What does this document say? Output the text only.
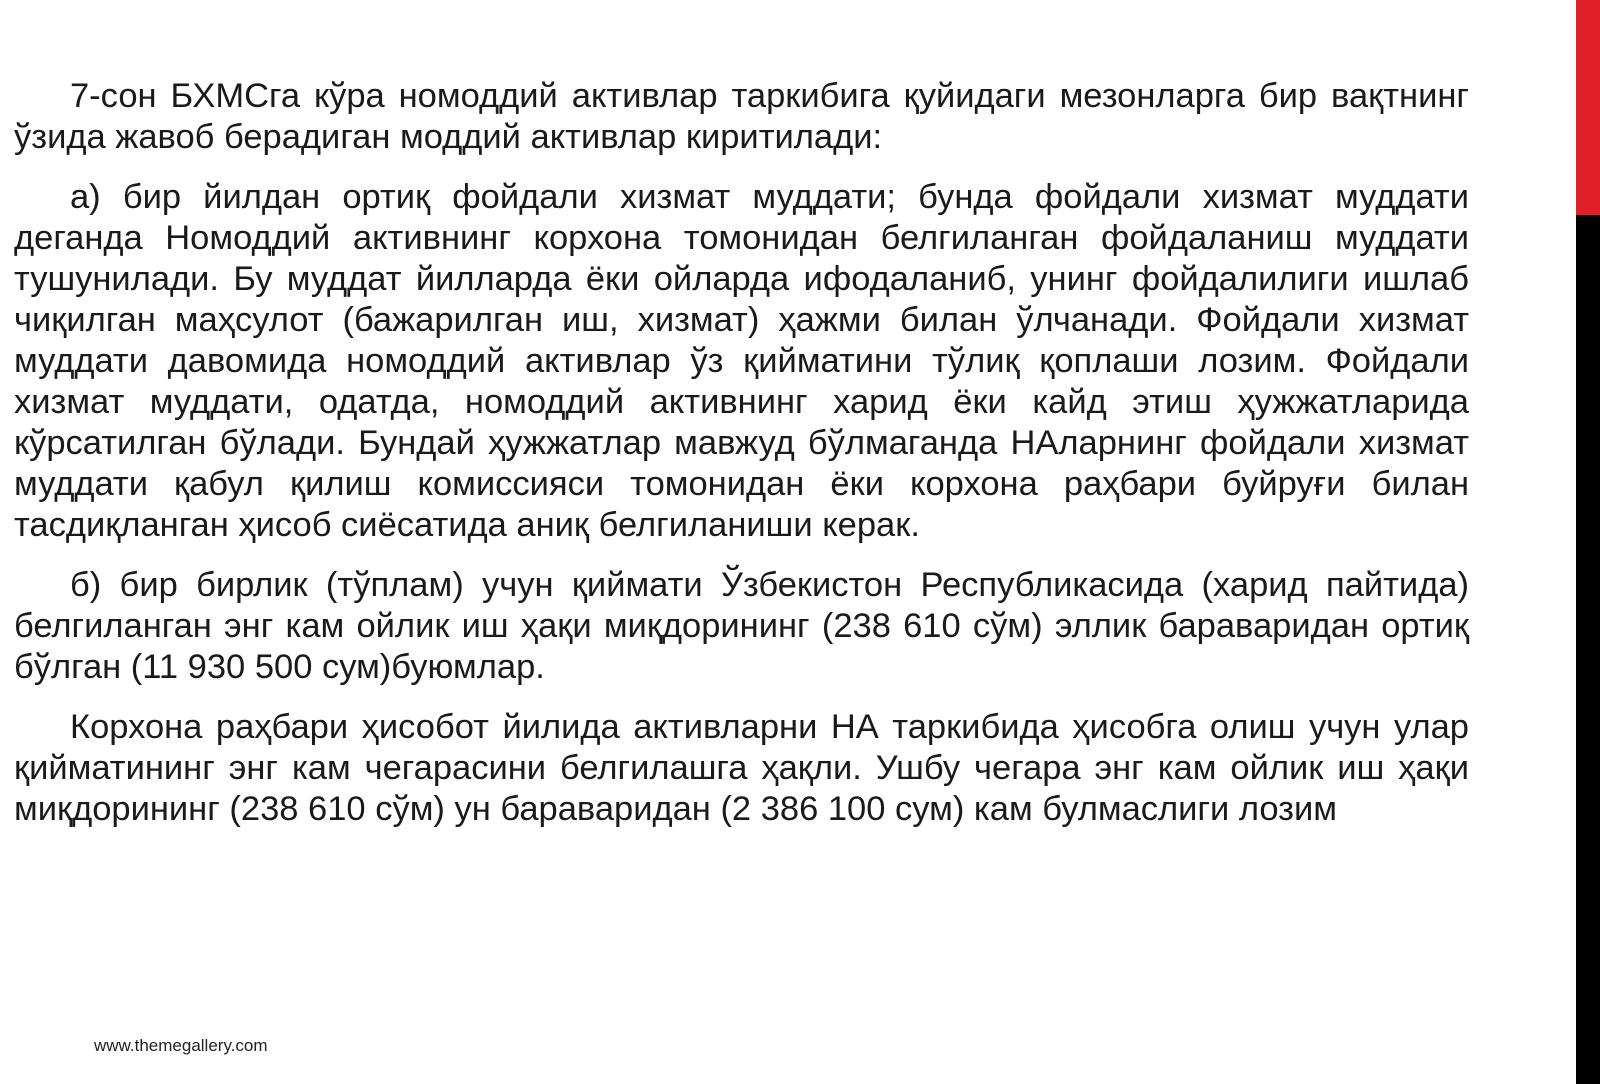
7-сон БХМСга кўра номоддий активлар таркибига қуйидаги мезонларга бир вақтнинг ўзида жавоб берадиган моддий активлар киритилади:

а) бир йилдан ортиқ фойдали хизмат муддати; бунда фойдали хизмат муддати деганда Номоддий активнинг корхона томонидан белгиланган фойдаланиш муддати тушунилади. Бу муддат йилларда ёки ойларда ифодаланиб, унинг фойдалилиги ишлаб чиқилган маҳсулот (бажарилган иш, хизмат) ҳажми билан ўлчанади. Фойдали хизмат муддати давомида номоддий активлар ўз қийматини тўлиқ қоплаши лозим. Фойдали хизмат муддати, одатда, номоддий активнинг харид ёки кайд этиш ҳужжатларида кўрсатилган бўлади. Бундай ҳужжатлар мавжуд бўлмаганда НАларнинг фойдали хизмат муддати қабул қилиш комиссияси томонидан ёки корхона раҳбари буйруғи билан тасдиқланган ҳисоб сиёсатида аниқ белгиланиши керак.

б) бир бирлик (тўплам) учун қиймати Ўзбекистон Республикасида (харид пайтида) белгиланган энг кам ойлик иш ҳақи миқдорининг (238 610 сўм) эллик бараваридан ортиқ бўлган (11 930 500 сум)буюмлар.

Корхона раҳбари ҳисобот йилида активларни НА таркибида ҳисобга олиш учун улар қийматининг энг кам чегарасини белгилашга ҳақли. Ушбу чегара энг кам ойлик иш ҳақи миқдорининг (238 610 сўм) ун бараваридан (2 386 100 сум) кам булмаслиги лозим

www.themegallery.com
